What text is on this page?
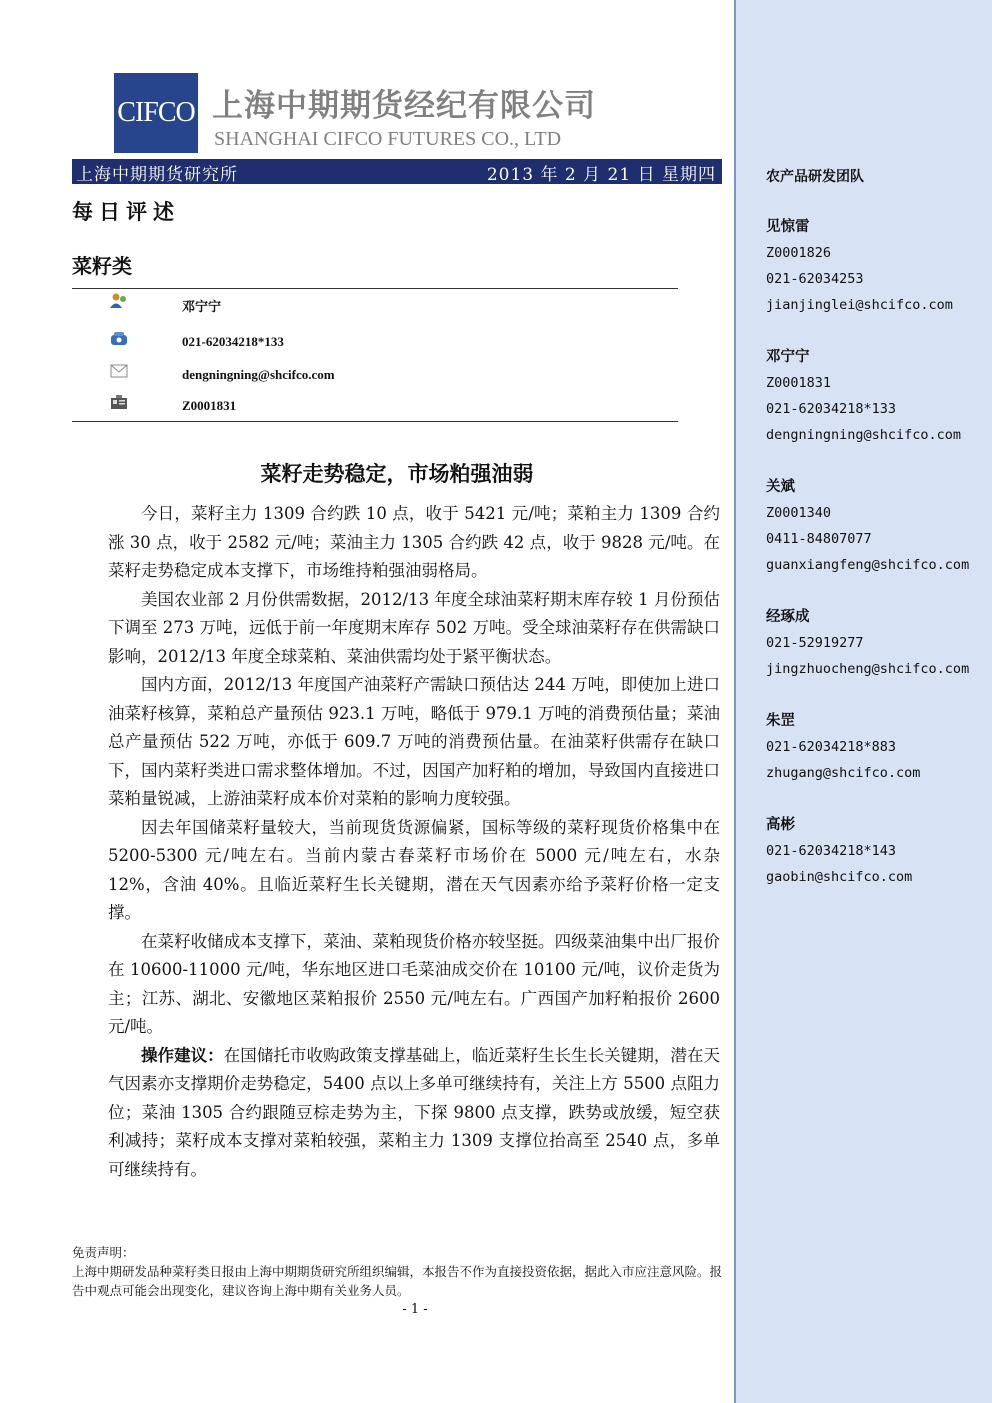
CIFCO 上海中期期货经纪有限公司
SHANGHAI CIFCO FUTURES CO., LTD
上海中期期货研究所	2013 年 2 月 21 日 星期四
每日评述
菜籽类
邓宁宁
021-62034218*133
dengningning@shcifco.com
Z0001831
菜籽走势稳定，市场粕强油弱

今日，菜籽主力 1309 合约跌 10 点，收于 5421 元/吨；菜粕主力 1309 合约涨 30 点，收于 2582 元/吨；菜油主力 1305 合约跌 42 点，收于 9828 元/吨。在菜籽走势稳定成本支撑下，市场维持粕强油弱格局。

美国农业部 2 月份供需数据，2012/13 年度全球油菜籽期末库存较 1 月份预估下调至 273 万吨，远低于前一年度期末库存 502 万吨。受全球油菜籽存在供需缺口影响，2012/13 年度全球菜粕、菜油供需均处于紧平衡状态。

国内方面，2012/13 年度国产油菜籽产需缺口预估达 244 万吨，即使加上进口油菜籽核算，菜粕总产量预估 923.1 万吨，略低于 979.1 万吨的消费预估量；菜油总产量预估 522 万吨，亦低于 609.7 万吨的消费预估量。在油菜籽供需存在缺口下，国内菜籽类进口需求整体增加。不过，因国产加籽粕的增加，导致国内直接进口菜粕量锐减，上游油菜籽成本价对菜粕的影响力度较强。

因去年国储菜籽量较大，当前现货货源偏紧，国标等级的菜籽现货价格集中在 5200-5300 元/吨左右。当前内蒙古春菜籽市场价在 5000 元/吨左右，水杂 12%，含油 40%。且临近菜籽生长关键期，潜在天气因素亦给予菜籽价格一定支撑。

在菜籽收储成本支撑下，菜油、菜粕现货价格亦较坚挺。四级菜油集中出厂报价在 10600-11000 元/吨，华东地区进口毛菜油成交价在 10100 元/吨，议价走货为主；江苏、湖北、安徽地区菜粕报价 2550 元/吨左右。广西国产加籽粕报价 2600 元/吨。

操作建议：在国储托市收购政策支撑基础上，临近菜籽生长生长关键期，潜在天气因素亦支撑期价走势稳定，5400 点以上多单可继续持有，关注上方 5500 点阻力位；菜油 1305 合约跟随豆棕走势为主，下探 9800 点支撑，跌势或放缓，短空获利减持；菜籽成本支撑对菜粕较强，菜粕主力 1309 支撑位抬高至 2540 点，多单可继续持有。

免责声明：
上海中期研发品种菜籽类日报由上海中期期货研究所组织编辑，本报告不作为直接投资依据，据此入市应注意风险。报告中观点可能会出现变化，建议咨询上海中期有关业务人员。
- 1 -
农产品研发团队
见惊雷
Z0001826
021-62034253
jianjinglei@shcifco.com
邓宁宁
Z0001831
021-62034218*133
dengningning@shcifco.com
关斌
Z0001340
0411-84807077
guanxiangfeng@shcifco.com
经琢成
021-52919277
jingzhuocheng@shcifco.com
朱罡
021-62034218*883
zhugang@shcifco.com
高彬
021-62034218*143
gaobin@shcifco.com
